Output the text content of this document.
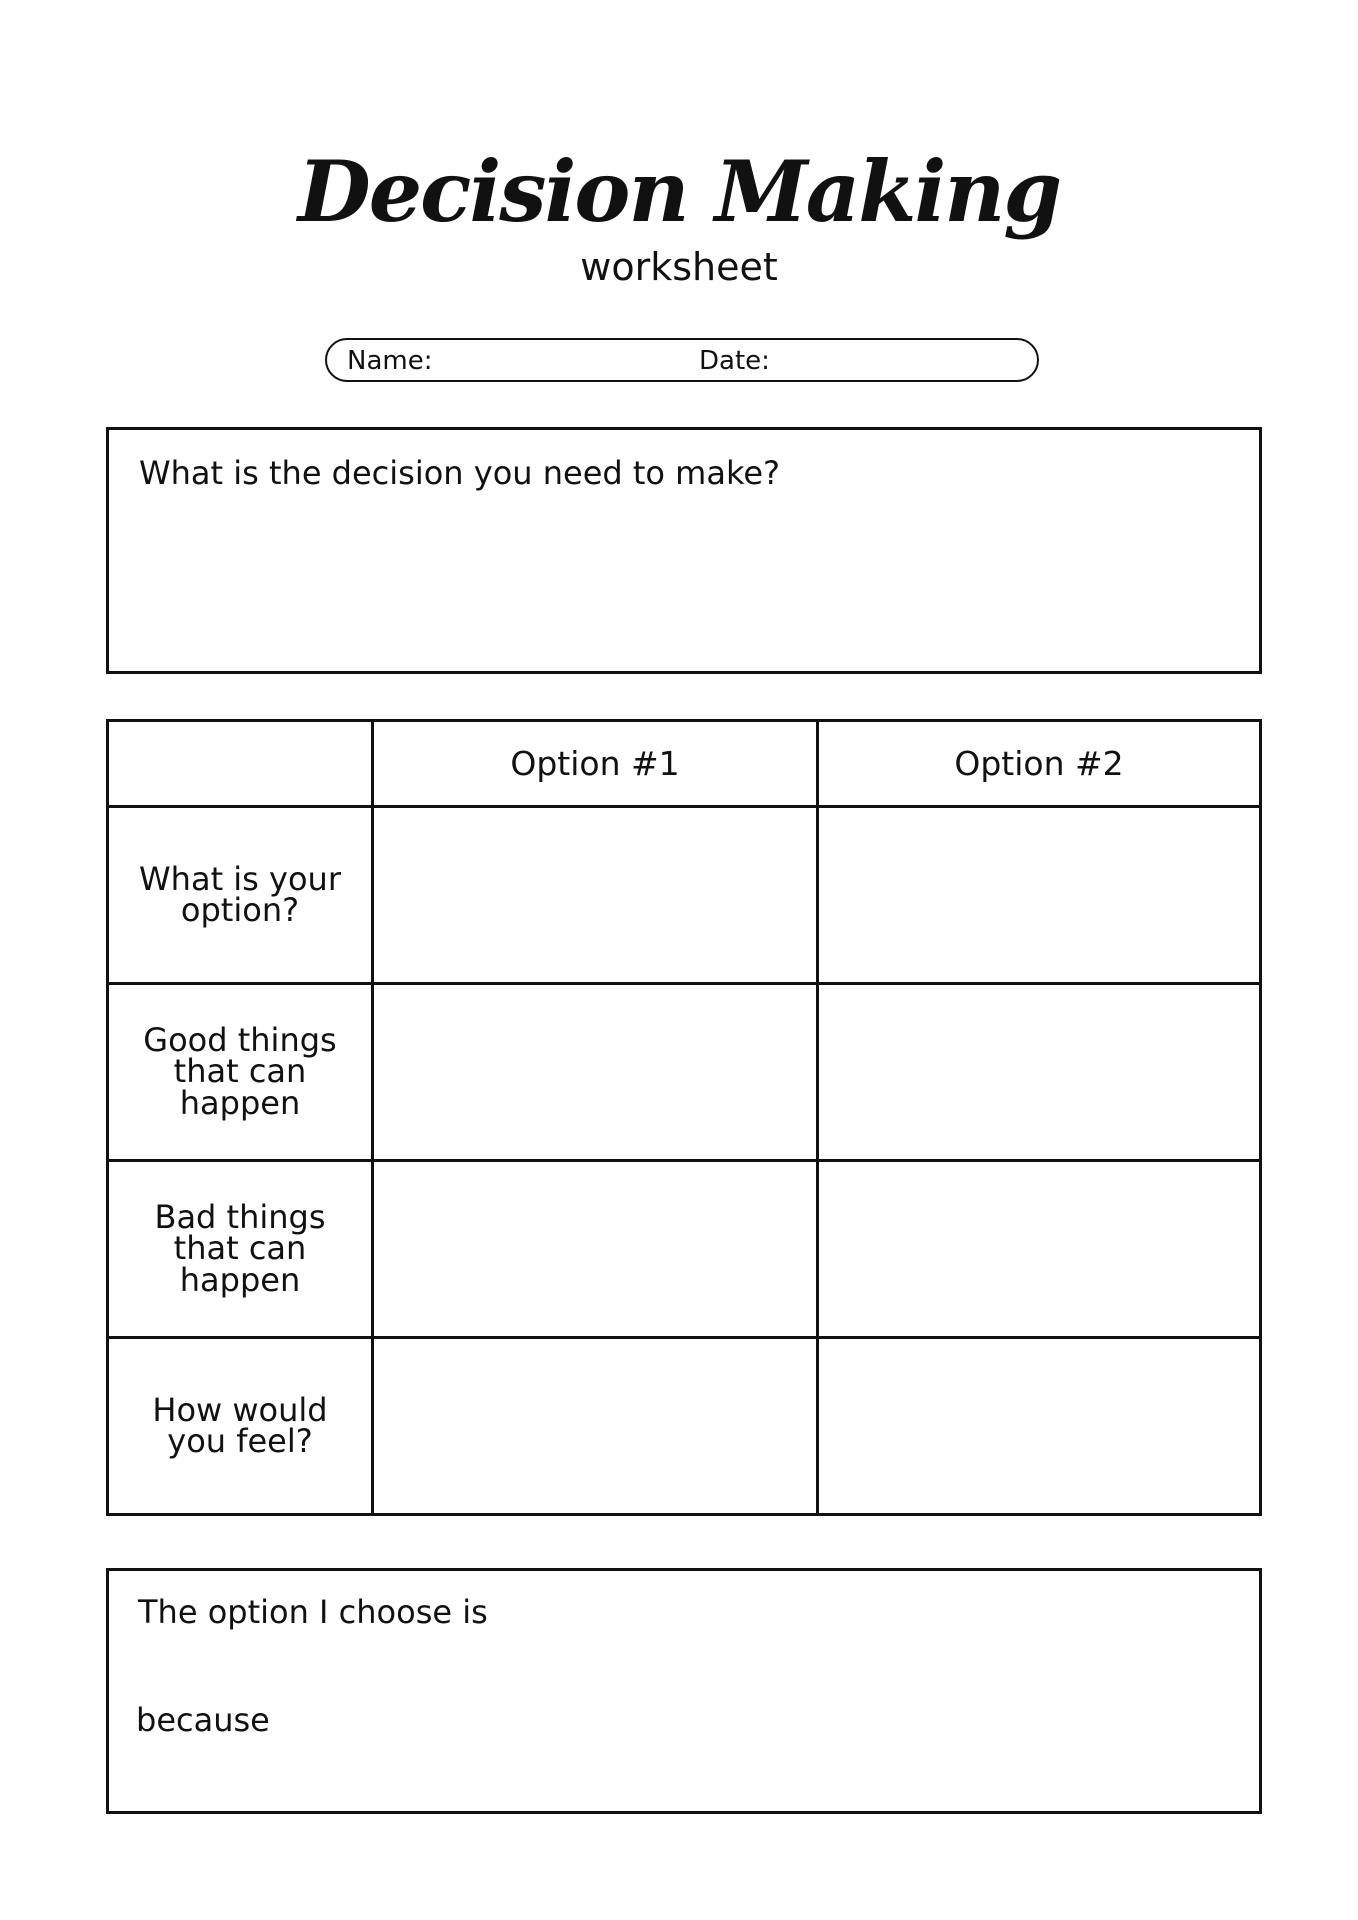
Decision Making
worksheet
Name:	Date:
What is the decision you need to make?
Option #1	Option #2
What is your option?
Good things that can happen
Bad things that can happen
How would you feel?
The option I choose is
because
